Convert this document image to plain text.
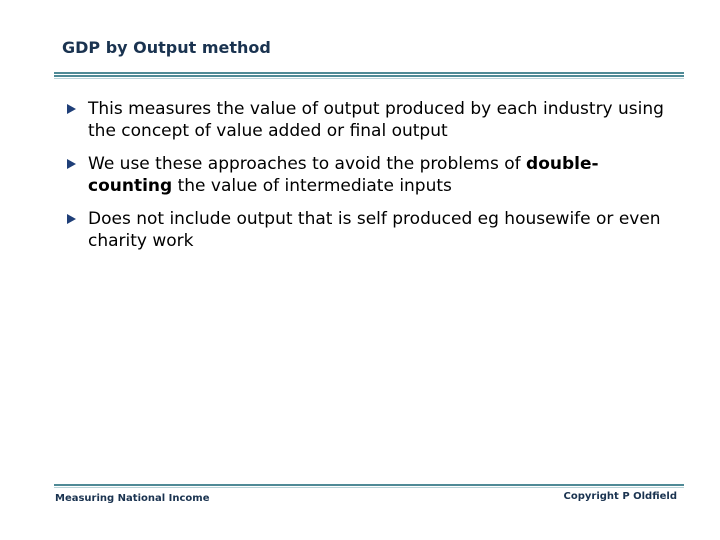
GDP by Output method
This measures the value of output produced by each industry using the concept of value added or final output
We use these approaches to avoid the problems of double-counting the value of intermediate inputs
Does not include output that is self produced eg housewife or even charity work
Measuring National Income	Copyright P Oldfield
